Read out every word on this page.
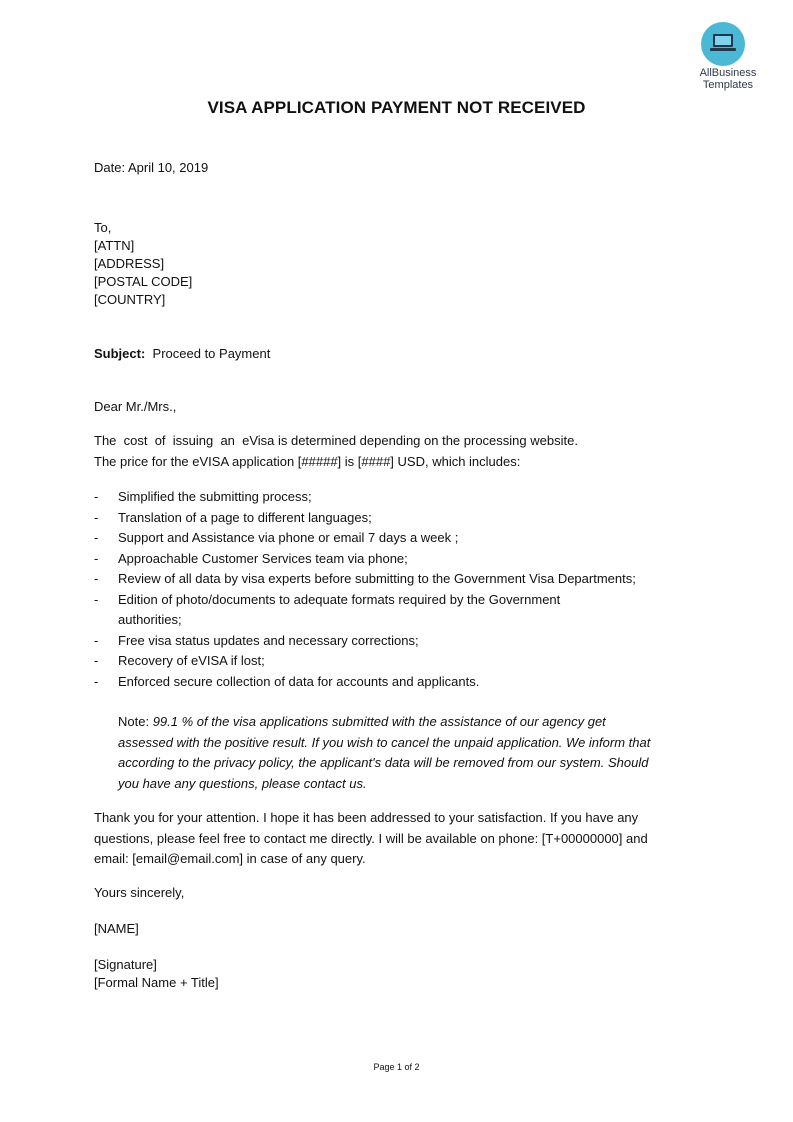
AllBusiness
Templates
VISA APPLICATION PAYMENT NOT RECEIVED
Date: April 10, 2019
To,
[ATTN]
[ADDRESS]
[POSTAL CODE]
[COUNTRY]
Subject: Proceed to Payment
Dear Mr./Mrs.,
The  cost  of  issuing  an  eVisa is determined depending on the processing website.
The price for the eVISA application [#####] is [####] USD, which includes:
- Simplified the submitting process;
- Translation of a page to different languages;
- Support and Assistance via phone or email 7 days a week ;
- Approachable Customer Services team via phone;
- Review of all data by visa experts before submitting to the Government Visa Departments;
- Edition of photo/documents to adequate formats required by the Government authorities;
- Free visa status updates and necessary corrections;
- Recovery of eVISA if lost;
- Enforced secure collection of data for accounts and applicants.
Note: 99.1 % of the visa applications submitted with the assistance of our agency get assessed with the positive result. If you wish to cancel the unpaid application. We inform that according to the privacy policy, the applicant's data will be removed from our system. Should you have any questions, please contact us.
Thank you for your attention. I hope it has been addressed to your satisfaction. If you have any questions, please feel free to contact me directly. I will be available on phone: [T+00000000] and email: [email@email.com] in case of any query.
Yours sincerely,
[NAME]
[Signature]
[Formal Name + Title]
Page 1 of 2
